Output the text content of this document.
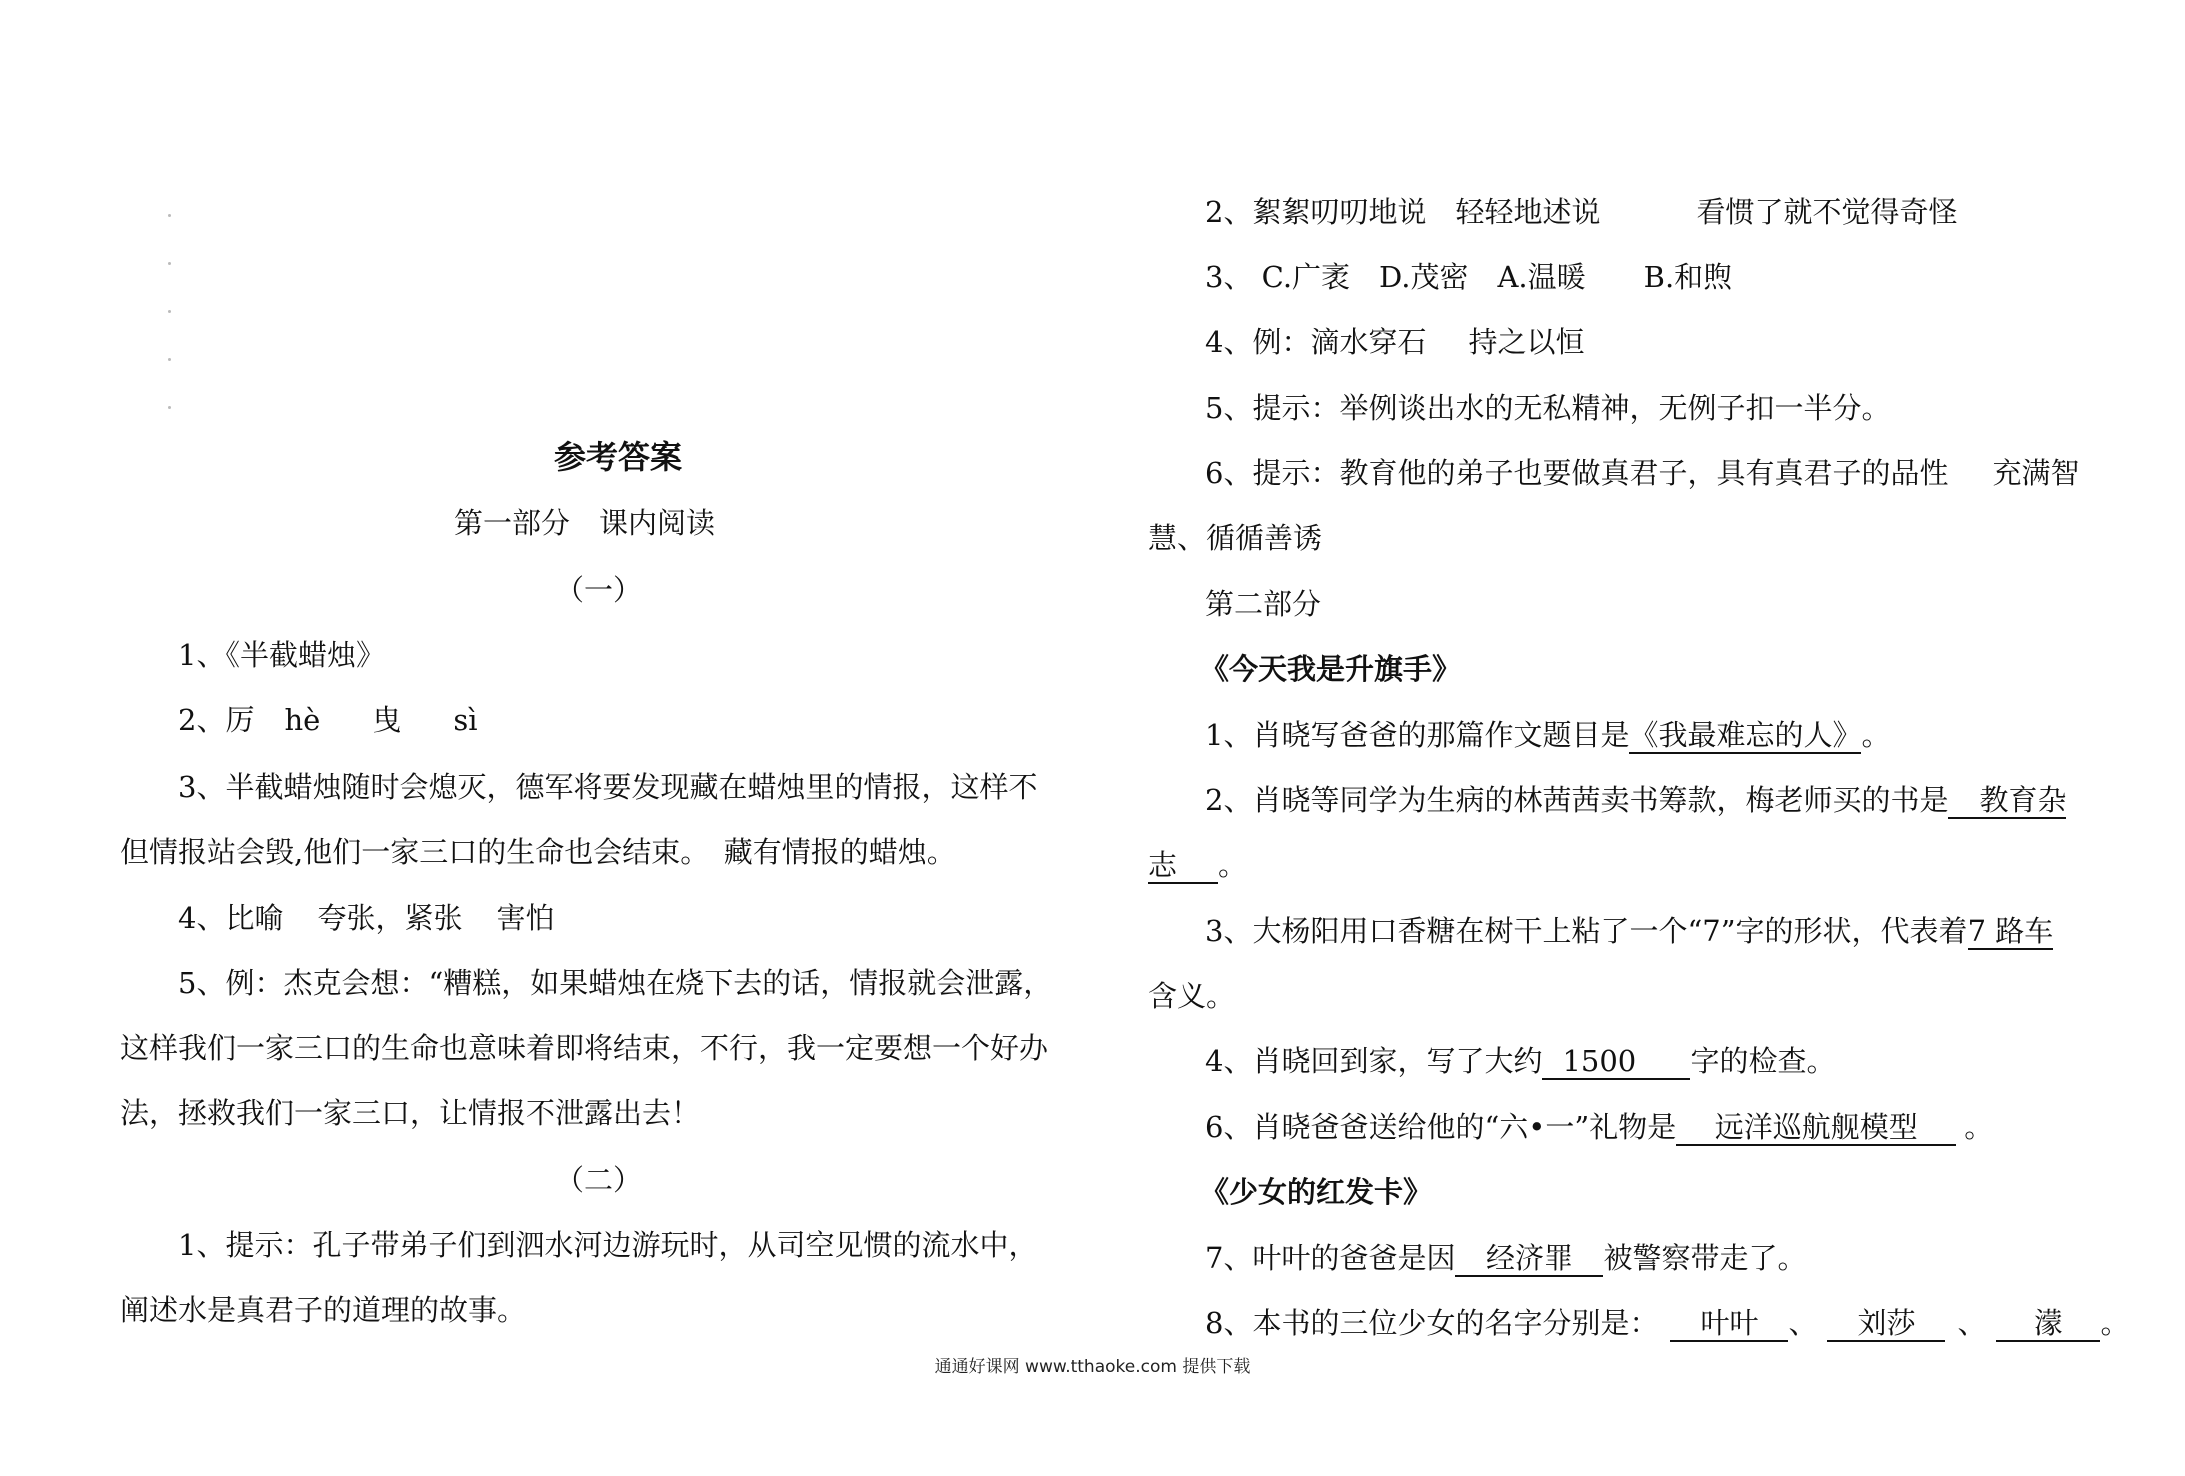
参考答案
第一部分　课内阅读
（一）
1、《半截蜡烛》
2、厉 hè 曳 sì
3、半截蜡烛随时会熄灭，德军将要发现藏在蜡烛里的情报，这样不
但情报站会毁,他们一家三口的生命也会结束。　藏有情报的蜡烛。
4、比喻 夸张，紧张 害怕
5、例：杰克会想：“糟糕，如果蜡烛在烧下去的话，情报就会泄露，
这样我们一家三口的生命也意味着即将结束，不行，我一定要想一个好办
法，拯救我们一家三口，让情报不泄露出去！
（二）
1、提示：孔子带弟子们到泗水河边游玩时，从司空见惯的流水中，
阐述水是真君子的道理的故事。
2、絮絮叨叨地说　轻轻地述说	看惯了就不觉得奇怪
3、 C.广袤　D.茂密　A.温暖　　B.和煦
4、例：滴水穿石 持之以恒
5、提示：举例谈出水的无私精神，无例子扣一半分。
6、提示：教育他的弟子也要做真君子，具有真君子的品性 充满智
慧、循循善诱
第二部分
《今天我是升旗手》
1、肖晓写爸爸的那篇作文题目是《我最难忘的人》。
2、肖晓等同学为生病的林茜茜卖书筹款，梅老师买的书是 教育杂
志 。
3、大杨阳用口香糖在树干上粘了一个“7”字的形状，代表着7 路车
含义。
4、肖晓回到家，写了大约 1500 字的检查。
6、肖晓爸爸送给他的“六•一”礼物是 远洋巡航舰模型 。
《少女的红发卡》
7、叶叶的爸爸是因 经济罪 被警察带走了。
8、本书的三位少女的名字分别是： 叶叶 、 刘莎 、 濛 。
通通好课网 www.tthaoke.com 提供下载
